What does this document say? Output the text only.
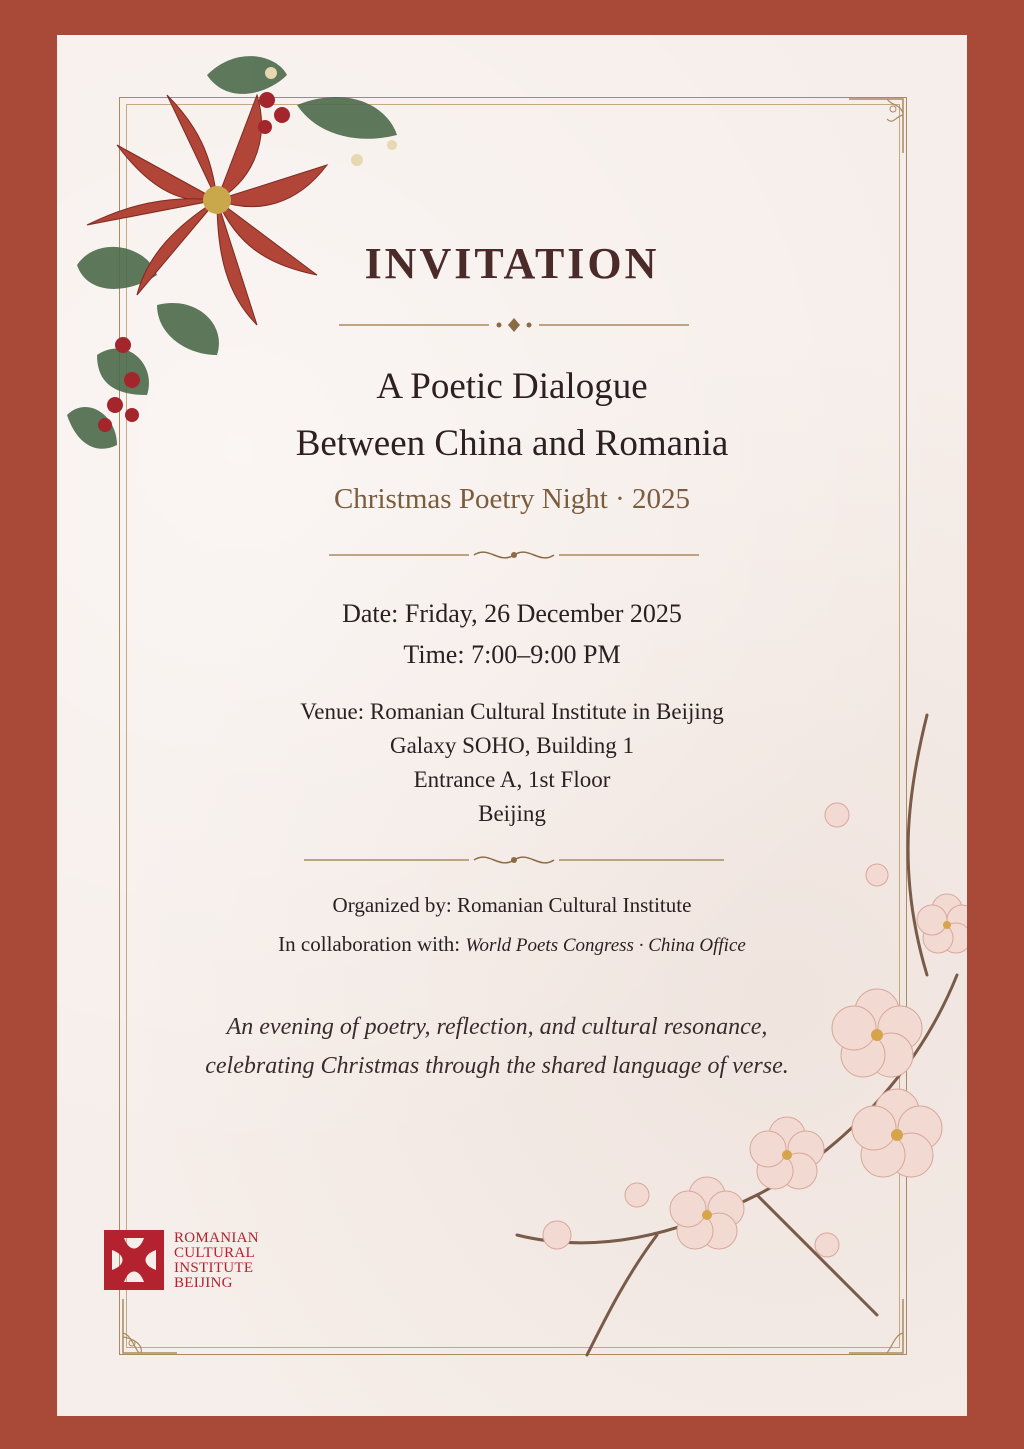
INVITATION
A Poetic Dialogue
Between China and Romania
Christmas Poetry Night · 2025
Date: Friday, 26 December 2025
Time: 7:00–9:00 PM
Venue: Romanian Cultural Institute in Beijing
Galaxy SOHO, Building 1
Entrance A, 1st Floor
Beijing
Organized by: Romanian Cultural Institute
In collaboration with: World Poets Congress · China Office
An evening of poetry, reflection, and cultural resonance, celebrating Christmas through the shared language of verse.
ROMANIAN
CULTURAL
INSTITUTE
BEIJING
